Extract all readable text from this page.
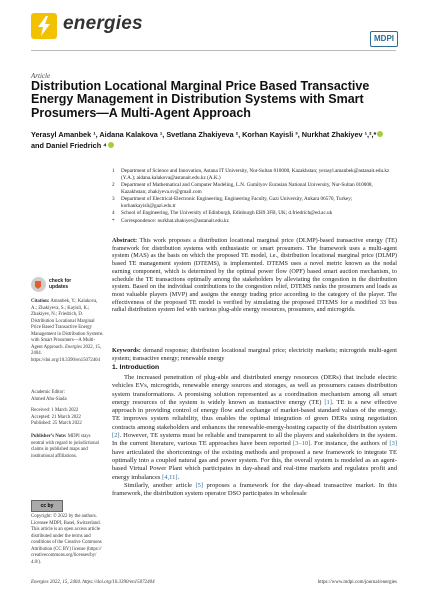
energies
MDPI
Article
Distribution Locational Marginal Price Based Transactive Energy Management in Distribution Systems with Smart Prosumers—A Multi-Agent Approach
Yerasyl Amanbek ¹, Aidana Kalakova ¹, Svetlana Zhakiyeva ², Korhan Kayisli ³, Nurkhat Zhakiyev ¹,²,*
and Daniel Friedrich ⁴
1 Department of Science and Innovation, Astana IT University, Nur-Sultan 010000, Kazakhstan; yerasyl.amanbek@astanait.edu.kz (Y.A.); aidana.kalakova@astanait.edu.kz (A.K.)
2 Department of Mathematical and Computer Modeling, L.N. Gumilyov Eurasian National University, Nur-Sultan 010008, Kazakhstan; zhakiyeva.sv@gmail.com
3 Department of Electrical-Electronic Engineering, Engineering Faculty, Gazi University, Ankara 06570, Turkey; korhankayisli@gazi.edu.tr
4 School of Engineering, The University of Edinburgh, Edinburgh EH9 3FB, UK; d.friedrich@ed.ac.uk
* Correspondence: nurkhat.zhakiyev@astanait.edu.kz
Abstract: This work proposes a distribution locational marginal price (DLMP)-based transactive energy (TE) framework for distribution systems with enthusiastic or smart prosumers. The framework uses a multi-agent system (MAS) as the basis on which the proposed TE model, i.e., distribution locational marginal price (DLMP) based TE management system (DTEMS), is implemented. DTEMS uses a novel metric known as the nodal earning component, which is determined by the optimal power flow (OPF) based smart auction mechanism, to schedule the TE transactions optimally among the stakeholders by alleviating the congestion in the distribution system. Based on the individual contributions to the congestion relief, DTEMS ranks the prosumers and loads as most valuable players (MVP) and assigns the energy trading price according to the category of the player. The effectiveness of the proposed TE model is verified by simulating the proposed DTEMS for a modified 33 bus radial distribution system fed with various plug-able energy resources, prosumers, and microgrids.
Keywords: demand response; distribution locational marginal price; electricity markets; microgrids multi-agent system; transactive energy; renewable energy
check for updates
Citation: Amanbek, Y.; Kalakova, A.; Zhakiyeva, S.; Kayisli, K.; Zhakiyev, N.; Friedrich, D. Distribution Locational Marginal Price Based Transactive Energy Management in Distribution Systems with Smart Prosumers—A Multi-Agent Approach. Energies 2022, 15, 2404. https://doi.org/10.3390/en15072404
Academic Editor:
Ahmed Abu-Siada
Received: 1 March 2022
Accepted: 21 March 2022
Published: 25 March 2022
Publisher’s Note: MDPI stays neutral with regard to jurisdictional claims in published maps and institutional affiliations.
cc by
Copyright: © 2022 by the authors. Licensee MDPI, Basel, Switzerland. This article is an open access article distributed under the terms and conditions of the Creative Commons Attribution (CC BY) license (https:// creativecommons.org/licenses/by/ 4.0/).
1. Introduction

The increased penetration of plug-able and distributed energy resources (DERs) that include electric vehicles EVs, microgrids, renewable energy sources and storages, as well as prosumers causes distribution system transformations. A promising solution represented as a coordination mechanism among all smart energy resources of the system is widely known as transactive energy (TE) [1]. TE is a new effective approach in providing control of energy flow and exchange of market-based standard values of the energy. TE improves system reliability, thus enables the optimal integration of green DERs using negotiation contracts among stakeholders and enhances the renewable-energy-hosting capacity of the distribution system [2]. However, TE systems must be reliable and transparent to all the players and stakeholders in the system. In the current literature, various TE approaches have been reported [3–10]. For instance, the authors of [3] have articulated the shortcomings of the existing methods and proposed a new framework to integrate TE optimally into a coupled natural gas and power system. For this, the overall system is modeled as an agent-based Virtual Power Plant which participates in day-ahead and real-time markets and regulates profit and energy imbalances [4,11].

Similarly, another article [5] proposes a framework for the day-ahead transactive market. In this framework, the distribution system operator DSO participates in wholesale

Energies 2022, 15, 2404. https://doi.org/10.3390/en15072404	https://www.mdpi.com/journal/energies
